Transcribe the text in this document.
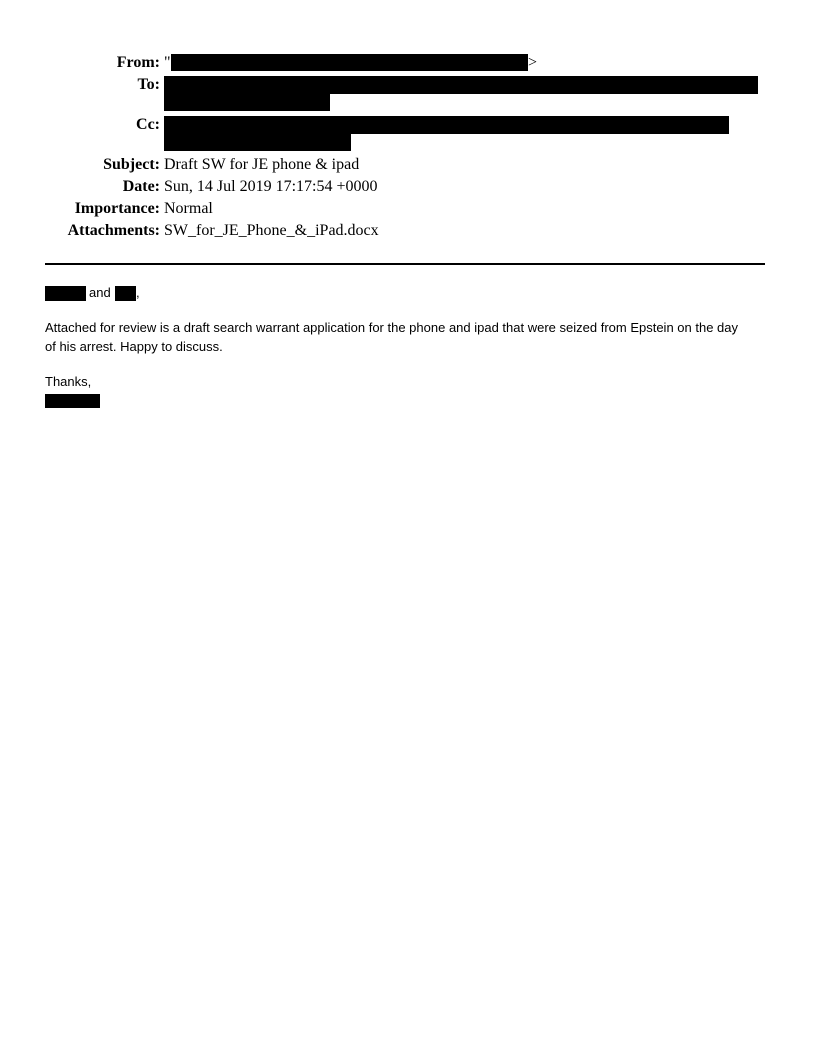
From: "	>
To:
Cc:
Subject: Draft SW for JE phone & ipad
Date: Sun, 14 Jul 2019 17:17:54 +0000
Importance: Normal
Attachments: SW_for_JE_Phone_&_iPad.docx
and ,
Attached for review is a draft search warrant application for the phone and ipad that were seized from Epstein on the day
of his arrest. Happy to discuss.
Thanks,
